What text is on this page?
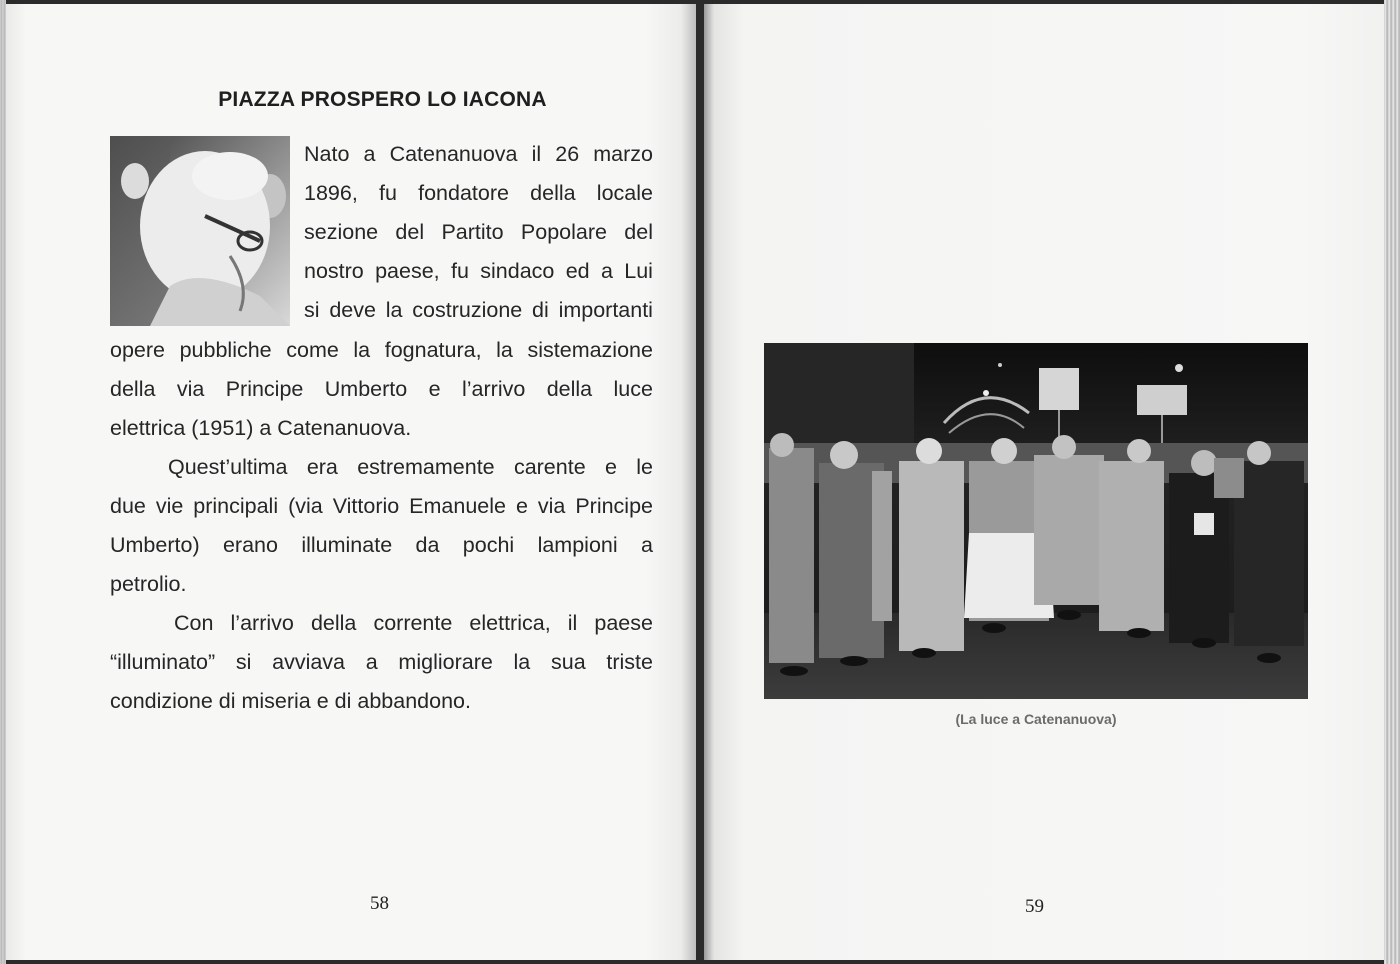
PIAZZA PROSPERO LO IACONA
Nato a Catenanuova il 26 marzo
1896, fu fondatore della locale
sezione del Partito Popolare del
nostro paese, fu sindaco ed a Lui
si deve la costruzione di importanti
opere pubbliche come la fognatura, la sistemazione
della via Principe Umberto e l’arrivo della luce
elettrica (1951) a Catenanuova.
Quest’ultima era estremamente carente e le
due vie principali (via Vittorio Emanuele e via Principe
Umberto) erano illuminate da pochi lampioni a
petrolio.
Con l’arrivo della corrente elettrica, il paese
“illuminato” si avviava a migliorare la sua triste
condizione di miseria e di abbandono.
58
(La luce a Catenanuova)
59
